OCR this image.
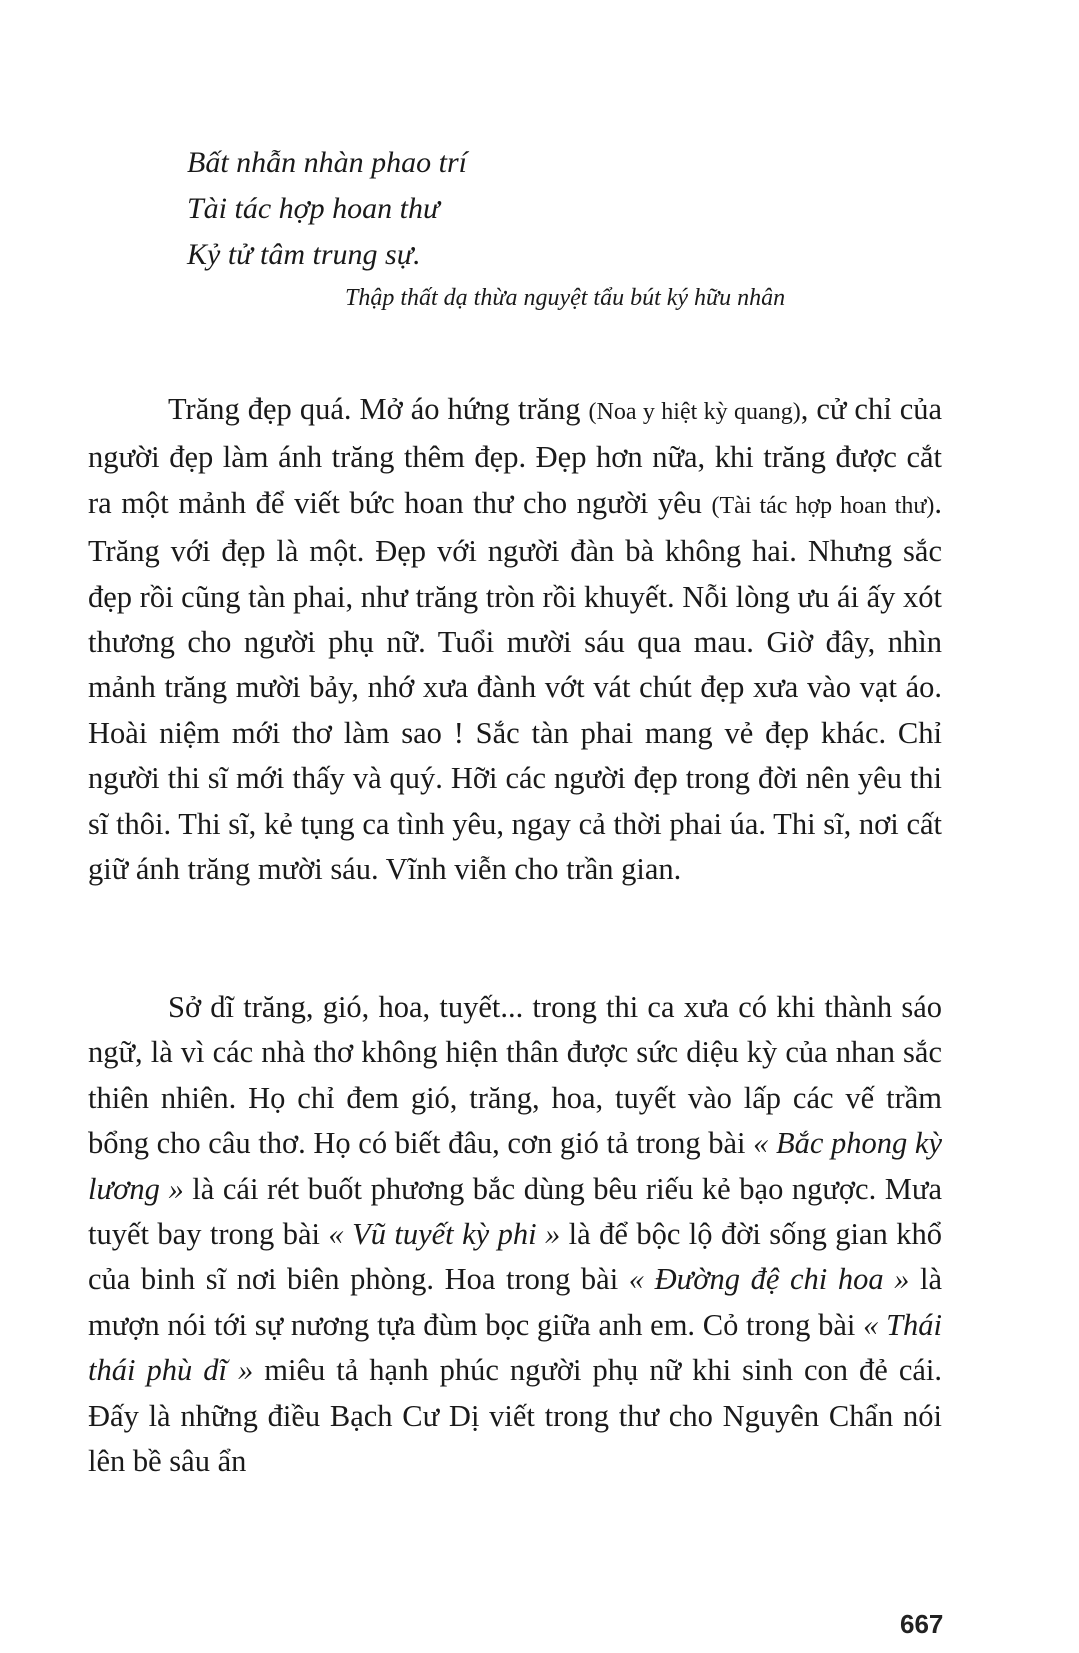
Bất nhẫn nhàn phao trí
Tài tác hợp hoan thư
Kỷ tử tâm trung sự.
Thập thất dạ thừa nguyệt tẩu bút ký hữu nhân

Trăng đẹp quá. Mở áo hứng trăng (Noa y hiệt kỳ quang), cử chỉ của người đẹp làm ánh trăng thêm đẹp. Đẹp hơn nữa, khi trăng được cắt ra một mảnh để viết bức hoan thư cho người yêu (Tài tác hợp hoan thư). Trăng với đẹp là một. Đẹp với người đàn bà không hai. Nhưng sắc đẹp rồi cũng tàn phai, như trăng tròn rồi khuyết. Nỗi lòng ưu ái ấy xót thương cho người phụ nữ. Tuổi mười sáu qua mau. Giờ đây, nhìn mảnh trăng mười bảy, nhớ xưa đành vớt vát chút đẹp xưa vào vạt áo. Hoài niệm mới thơ làm sao ! Sắc tàn phai mang vẻ đẹp khác. Chỉ người thi sĩ mới thấy và quý. Hỡi các người đẹp trong đời nên yêu thi sĩ thôi. Thi sĩ, kẻ tụng ca tình yêu, ngay cả thời phai úa. Thi sĩ, nơi cất giữ ánh trăng mười sáu. Vĩnh viễn cho trần gian.

Sở dĩ trăng, gió, hoa, tuyết... trong thi ca xưa có khi thành sáo ngữ, là vì các nhà thơ không hiện thân được sức diệu kỳ của nhan sắc thiên nhiên. Họ chỉ đem gió, trăng, hoa, tuyết vào lấp các vế trầm bổng cho câu thơ. Họ có biết đâu, cơn gió tả trong bài « Bắc phong kỳ lương » là cái rét buốt phương bắc dùng bêu riếu kẻ bạo ngược. Mưa tuyết bay trong bài « Vũ tuyết kỳ phi » là để bộc lộ đời sống gian khổ của binh sĩ nơi biên phòng. Hoa trong bài « Đường đệ chi hoa » là mượn nói tới sự nương tựa đùm bọc giữa anh em. Cỏ trong bài « Thái thái phù dĩ » miêu tả hạnh phúc người phụ nữ khi sinh con đẻ cái. Đấy là những điều Bạch Cư Dị viết trong thư cho Nguyên Chẩn nói lên bề sâu ẩn

667
